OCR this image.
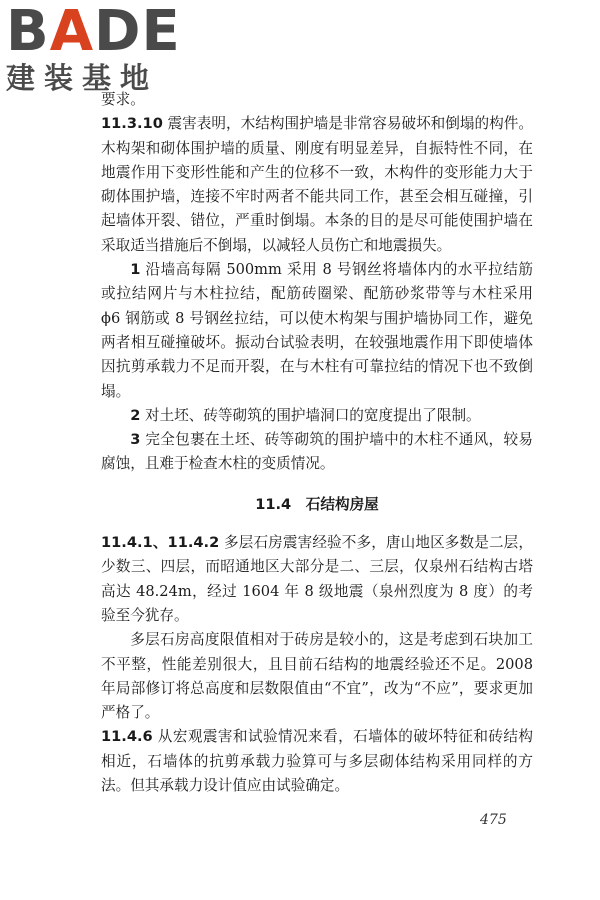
B A DE
建装基地

要求。

11.3.10 震害表明，木结构围护墙是非常容易破坏和倒塌的构件。木构架和砌体围护墙的质量、刚度有明显差异，自振特性不同，在地震作用下变形性能和产生的位移不一致，木构件的变形能力大于砌体围护墙，连接不牢时两者不能共同工作，甚至会相互碰撞，引起墙体开裂、错位，严重时倒塌。本条的目的是尽可能使围护墙在采取适当措施后不倒塌，以减轻人员伤亡和地震损失。

1 沿墙高每隔 500mm 采用 8 号钢丝将墙体内的水平拉结筋或拉结网片与木柱拉结，配筋砖圈梁、配筋砂浆带等与木柱采用 ϕ6 钢筋或 8 号钢丝拉结，可以使木构架与围护墙协同工作，避免两者相互碰撞破坏。振动台试验表明，在较强地震作用下即使墙体因抗剪承载力不足而开裂，在与木柱有可靠拉结的情况下也不致倒塌。

2 对土坯、砖等砌筑的围护墙洞口的宽度提出了限制。

3 完全包裹在土坯、砖等砌筑的围护墙中的木柱不通风，较易腐蚀，且难于检查木柱的变质情况。

11.4　石结构房屋

11.4.1、11.4.2 多层石房震害经验不多，唐山地区多数是二层，少数三、四层，而昭通地区大部分是二、三层，仅泉州石结构古塔高达 48.24m，经过 1604 年 8 级地震（泉州烈度为 8 度）的考验至今犹存。

多层石房高度限值相对于砖房是较小的，这是考虑到石块加工不平整，性能差别很大，且目前石结构的地震经验还不足。2008 年局部修订将总高度和层数限值由“不宜”，改为“不应”，要求更加严格了。

11.4.6 从宏观震害和试验情况来看，石墙体的破坏特征和砖结构相近，石墙体的抗剪承载力验算可与多层砌体结构采用同样的方法。但其承载力设计值应由试验确定。

475
